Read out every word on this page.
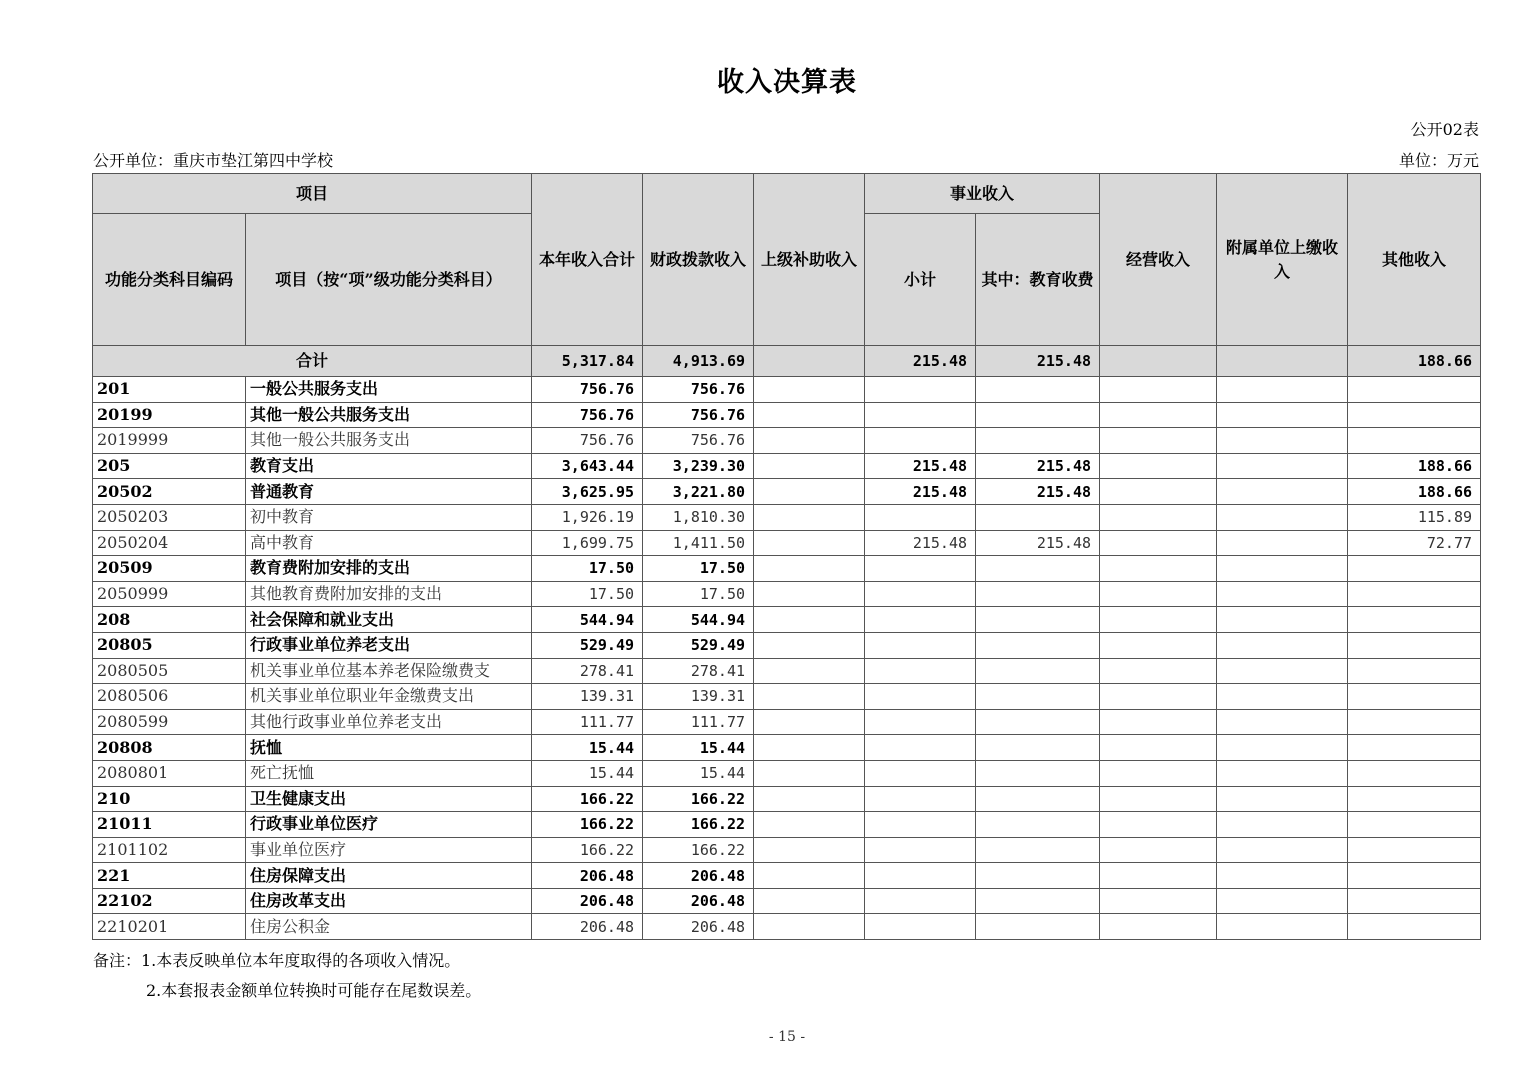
收入决算表
公开02表
公开单位：重庆市垫江第四中学校	单位：万元
项目		本年收入合计	财政拨款收入	上级补助收入	事业收入		经营收入	附属单位上缴收入	其他收入
功能分类科目编码	项目（按“项”级功能分类科目）				小计	其中：教育收费			

合计		5,317.84	4,913.69		215.48	215.48			188.66
201	一般公共服务支出	756.76	756.76						
20199	其他一般公共服务支出	756.76	756.76						
2019999	其他一般公共服务支出	756.76	756.76						
205	教育支出	3,643.44	3,239.30		215.48	215.48			188.66
20502	普通教育	3,625.95	3,221.80		215.48	215.48			188.66
2050203	初中教育	1,926.19	1,810.30						115.89
2050204	高中教育	1,699.75	1,411.50		215.48	215.48			72.77
20509	教育费附加安排的支出	17.50	17.50						
2050999	其他教育费附加安排的支出	17.50	17.50						
208	社会保障和就业支出	544.94	544.94						
20805	行政事业单位养老支出	529.49	529.49						
2080505	机关事业单位基本养老保险缴费支	278.41	278.41						
2080506	机关事业单位职业年金缴费支出	139.31	139.31						
2080599	其他行政事业单位养老支出	111.77	111.77						
20808	抚恤	15.44	15.44						
2080801	死亡抚恤	15.44	15.44						
210	卫生健康支出	166.22	166.22						
21011	行政事业单位医疗	166.22	166.22						
2101102	事业单位医疗	166.22	166.22						
221	住房保障支出	206.48	206.48						
22102	住房改革支出	206.48	206.48						
2210201	住房公积金	206.48	206.48						
备注：1.本表反映单位本年度取得的各项收入情况。
2.本套报表金额单位转换时可能存在尾数误差。
- 15 -
